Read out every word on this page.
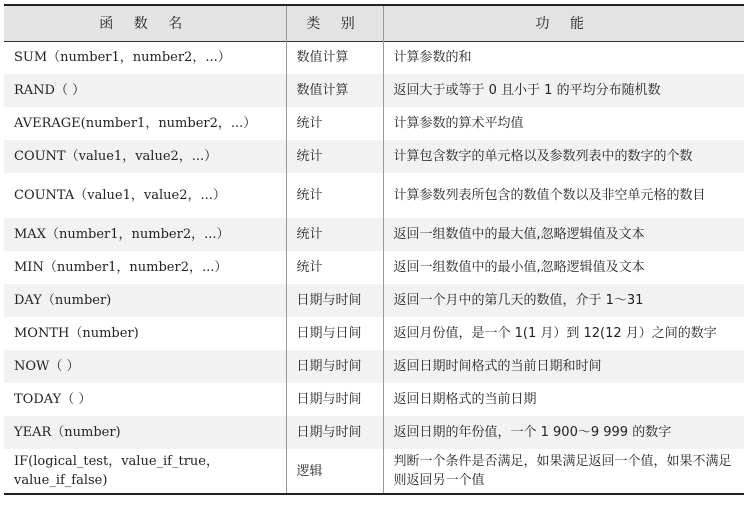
函 数 名	类 别	功 能
SUM（number1，number2，...）	数值计算	计算参数的和
RAND（ ）	数值计算	返回大于或等于 0 且小于 1 的平均分布随机数
AVERAGE(number1，number2，...）	统计	计算参数的算术平均值
COUNT（value1，value2，...）	统计	计算包含数字的单元格以及参数列表中的数字的个数
COUNTA（value1，value2，...）	统计	计算参数列表所包含的数值个数以及非空单元格的数目
MAX（number1，number2，...）	统计	返回一组数值中的最大值,忽略逻辑值及文本
MIN（number1，number2，...）	统计	返回一组数值中的最小值,忽略逻辑值及文本
DAY（number)	日期与时间	返回一个月中的第几天的数值，介于 1～31
MONTH（number)	日期与日间	返回月份值，是一个 1(1 月）到 12(12 月）之间的数字
NOW（ ）	日期与时间	返回日期时间格式的当前日期和时间
TODAY（ ）	日期与时间	返回日期格式的当前日期
YEAR（number)	日期与时间	返回日期的年份值，一个 1 900～9 999 的数字
IF(logical_test，value_if_true，value_if_false)	逻辑	判断一个条件是否满足，如果满足返回一个值，如果不满足则返回另一个值
